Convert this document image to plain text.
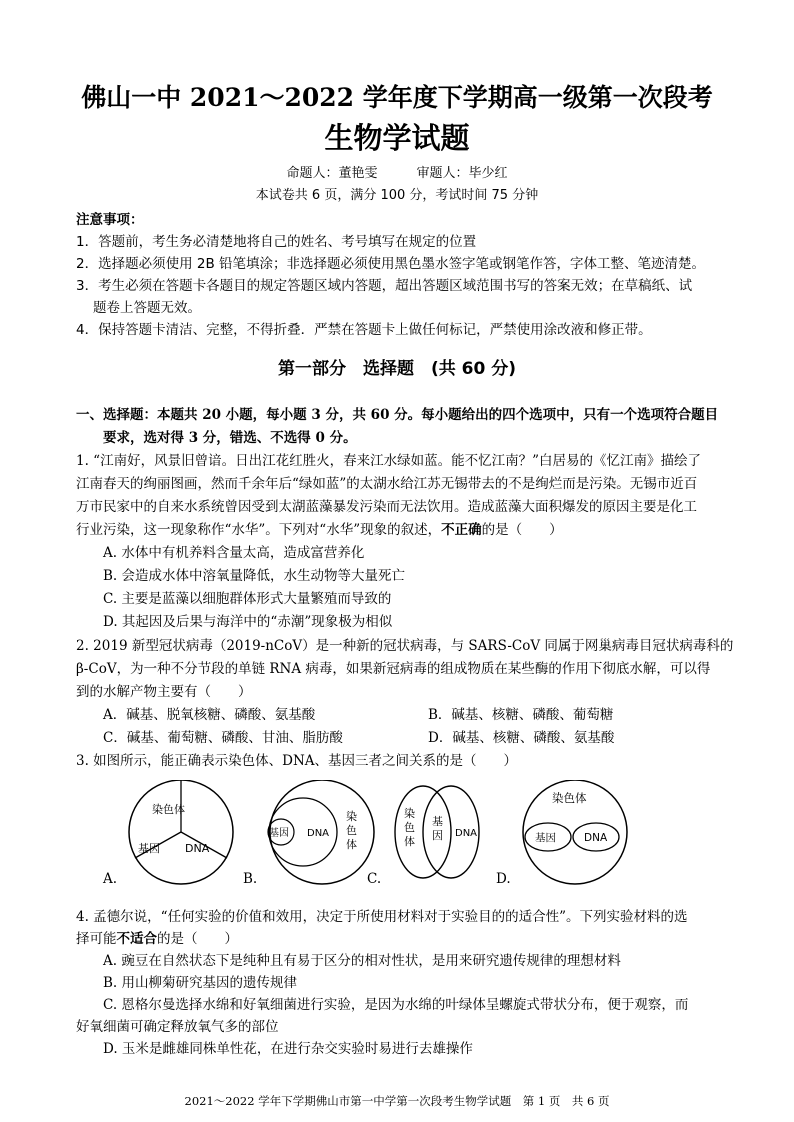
佛山一中 2021～2022 学年度下学期高一级第一次段考
生物学试题
命题人：董艳雯　　　审题人：毕少红
本试卷共 6 页，满分 100 分，考试时间 75 分钟
注意事项：
1．答题前，考生务必清楚地将自己的姓名、考号填写在规定的位置
2．选择题必须使用 2B 铅笔填涂；非选择题必须使用黑色墨水签字笔或钢笔作答，字体工整、笔迹清楚。
3．考生必须在答题卡各题目的规定答题区域内答题，超出答题区域范围书写的答案无效；在草稿纸、试
题卷上答题无效。
4．保持答题卡清洁、完整，不得折叠．严禁在答题卡上做任何标记，严禁使用涂改液和修正带。
第一部分　选择题　(共 60 分)
一、选择题：本题共 20 小题，每小题 3 分，共 60 分。每小题给出的四个选项中，只有一个选项符合题目
要求，选对得 3 分，错选、不选得 0 分。
1. “江南好，风景旧曾谙。日出江花红胜火，春来江水绿如蓝。能不忆江南？”白居易的《忆江南》描绘了
江南春天的绚丽图画，然而千余年后“绿如蓝”的太湖水给江苏无锡带去的不是绚烂而是污染。无锡市近百
万市民家中的自来水系统曾因受到太湖蓝藻暴发污染而无法饮用。造成蓝藻大面积爆发的原因主要是化工
行业污染，这一现象称作“水华”。下列对“水华”现象的叙述，不正确的是（　　）
A. 水体中有机养料含量太高，造成富营养化
B. 会造成水体中溶氧量降低，水生动物等大量死亡
C. 主要是蓝藻以细胞群体形式大量繁殖而导致的
D. 其起因及后果与海洋中的“赤潮”现象极为相似
2. 2019 新型冠状病毒（2019-nCoV）是一种新的冠状病毒，与 SARS-CoV 同属于网巢病毒目冠状病毒科的
β-CoV，为一种不分节段的单链 RNA 病毒，如果新冠病毒的组成物质在某些酶的作用下彻底水解，可以得
到的水解产物主要有（　　）
A．碱基、脱氧核糖、磷酸、氨基酸	B．碱基、核糖、磷酸、葡萄糖
C．碱基、葡萄糖、磷酸、甘油、脂肪酸	D．碱基、核糖、磷酸、氨基酸
3. 如图所示，能正确表示染色体、DNA、基因三者之间关系的是（　　）
染色体
基因 DNA
基因 DNA
染色体
染色体
基因 DNA
染色体
基因	DNA
A.	B.	C.	D.
4. 孟德尔说，“任何实验的价值和效用，决定于所使用材料对于实验目的的适合性”。下列实验材料的选
择可能不适合的是（　　）
A. 豌豆在自然状态下是纯种且有易于区分的相对性状，是用来研究遗传规律的理想材料
B. 用山柳菊研究基因的遗传规律
C. 恩格尔曼选择水绵和好氧细菌进行实验，是因为水绵的叶绿体呈螺旋式带状分布，便于观察，而
好氧细菌可确定释放氧气多的部位
D. 玉米是雌雄同株单性花，在进行杂交实验时易进行去雄操作
2021～2022 学年下学期佛山市第一中学第一次段考生物学试题　第 1 页　共 6 页
